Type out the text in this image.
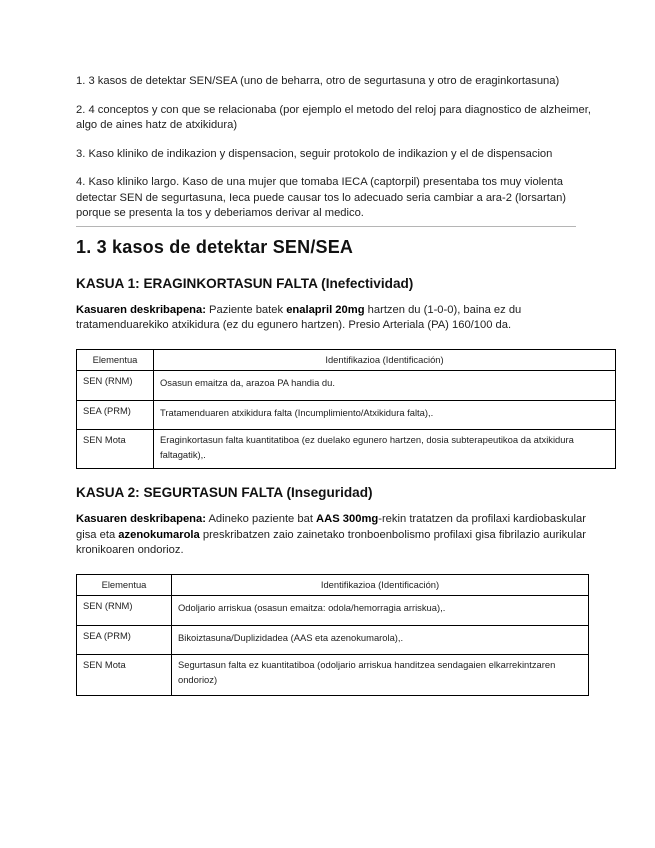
1. 3 kasos de detektar SEN/SEA (uno de beharra, otro de segurtasuna y otro de eraginkortasuna)

2. 4 conceptos y con que se relacionaba (por ejemplo el metodo del reloj para diagnostico de alzheimer, algo de aines hatz de atxikidura)

3. Kaso kliniko de indikazion y dispensacion, seguir protokolo de indikazion y el de dispensacion

4. Kaso kliniko largo. Kaso de una mujer que tomaba IECA (captorpil) presentaba tos muy violenta detectar SEN de segurtasuna, Ieca puede causar tos lo adecuado seria cambiar a ara-2 (lorsartan) porque se presenta la tos y deberiamos derivar al medico.

1. 3 kasos de detektar SEN/SEA
KASUA 1: ERAGINKORTASUN FALTA (Inefectividad)

Kasuaren deskribapena: Paziente batek enalapril 20mg hartzen du (1-0-0), baina ez du tratamenduarekiko atxikidura (ez du egunero hartzen). Presio Arteriala (PA) 160/100 da.

Elementua	Identifikazioa (Identificación)
SEN (RNM)	Osasun emaitza da, arazoa PA handia du.
SEA (PRM)	Tratamenduaren atxikidura falta (Incumplimiento/Atxikidura falta),.
SEN Mota	Eraginkortasun falta kuantitatiboa (ez duelako egunero hartzen, dosia subterapeutikoa da atxikidura faltagatik),.
KASUA 2: SEGURTASUN FALTA (Inseguridad)

Kasuaren deskribapena: Adineko paziente bat AAS 300mg-rekin tratatzen da profilaxi kardiobaskular gisa eta azenokumarola preskribatzen zaio zainetako tronboenbolismo profilaxi gisa fibrilazio aurikular kronikoaren ondorioz.

Elementua	Identifikazioa (Identificación)
SEN (RNM)	Odoljario arriskua (osasun emaitza: odola/hemorragia arriskua),.
SEA (PRM)	Bikoiztasuna/Duplizidadea (AAS eta azenokumarola),.
SEN Mota	Segurtasun falta ez kuantitatiboa (odoljario arriskua handitzea sendagaien elkarrekintzaren ondorioz)
